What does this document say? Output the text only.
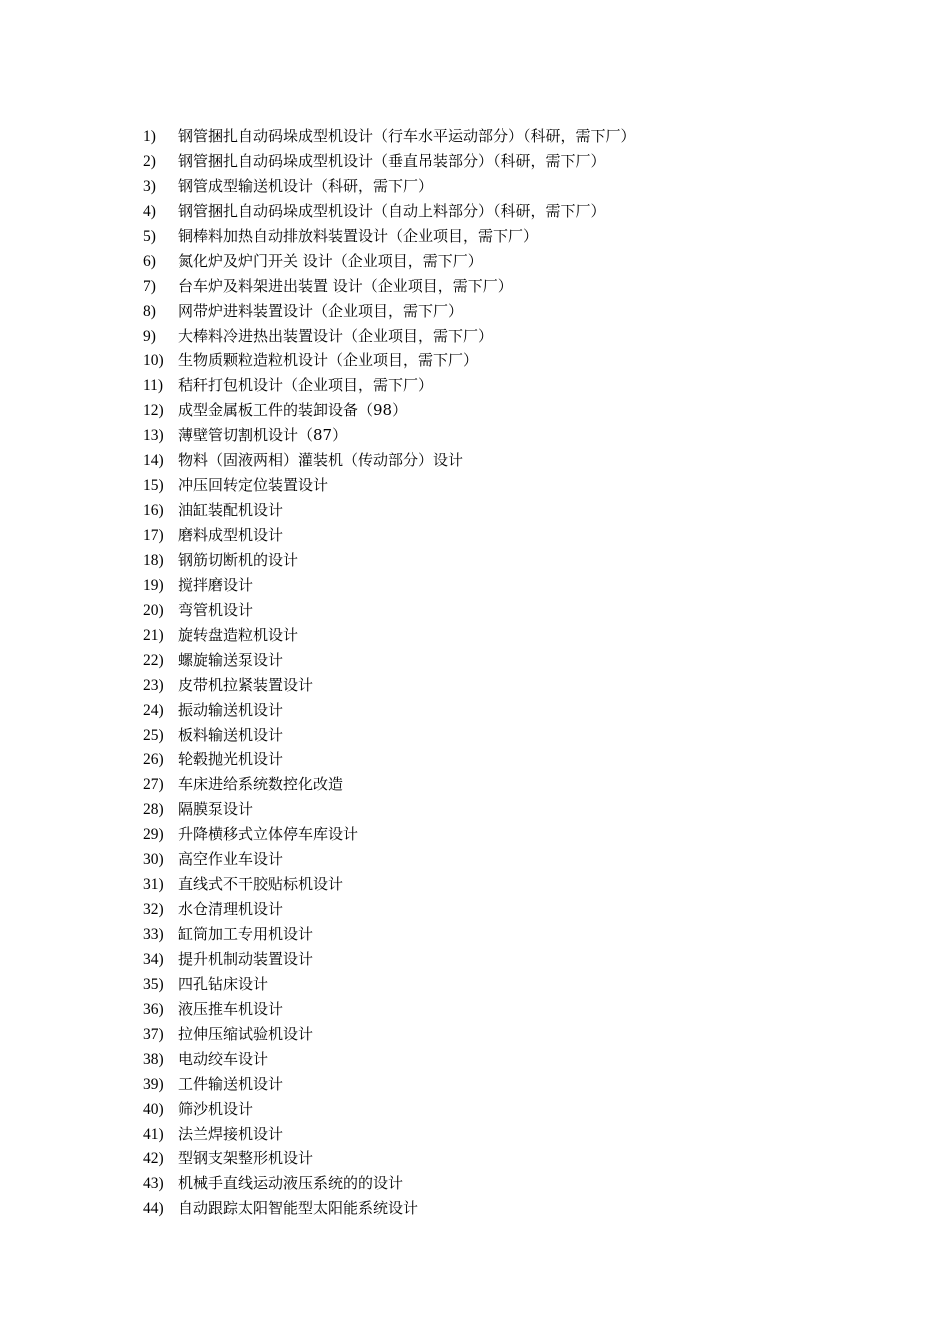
1) 钢管捆扎自动码垛成型机设计（行车水平运动部分）（科研，需下厂）
2) 钢管捆扎自动码垛成型机设计（垂直吊装部分）（科研，需下厂）
3) 钢管成型输送机设计（科研，需下厂）
4) 钢管捆扎自动码垛成型机设计（自动上料部分）（科研，需下厂）
5) 铜棒料加热自动排放料装置设计（企业项目，需下厂）
6) 氮化炉及炉门开关 设计（企业项目，需下厂）
7) 台车炉及料架进出装置 设计（企业项目，需下厂）
8) 网带炉进料装置设计（企业项目，需下厂）
9) 大棒料冷进热出装置设计（企业项目，需下厂）
10) 生物质颗粒造粒机设计（企业项目，需下厂）
11) 秸秆打包机设计（企业项目，需下厂）
12) 成型金属板工件的装卸设备（98）
13) 薄壁管切割机设计（87）
14) 物料（固液两相）灌装机（传动部分）设计
15) 冲压回转定位装置设计
16) 油缸装配机设计
17) 磨料成型机设计
18) 钢筋切断机的设计
19) 搅拌磨设计
20) 弯管机设计
21) 旋转盘造粒机设计
22) 螺旋输送泵设计
23) 皮带机拉紧装置设计
24) 振动输送机设计
25) 板料输送机设计
26) 轮毂抛光机设计
27) 车床进给系统数控化改造
28) 隔膜泵设计
29) 升降横移式立体停车库设计
30) 高空作业车设计
31) 直线式不干胶贴标机设计
32) 水仓清理机设计
33) 缸筒加工专用机设计
34) 提升机制动装置设计
35) 四孔钻床设计
36) 液压推车机设计
37) 拉伸压缩试验机设计
38) 电动绞车设计
39) 工件输送机设计
40) 筛沙机设计
41) 法兰焊接机设计
42) 型钢支架整形机设计
43) 机械手直线运动液压系统的的设计
44) 自动跟踪太阳智能型太阳能系统设计
